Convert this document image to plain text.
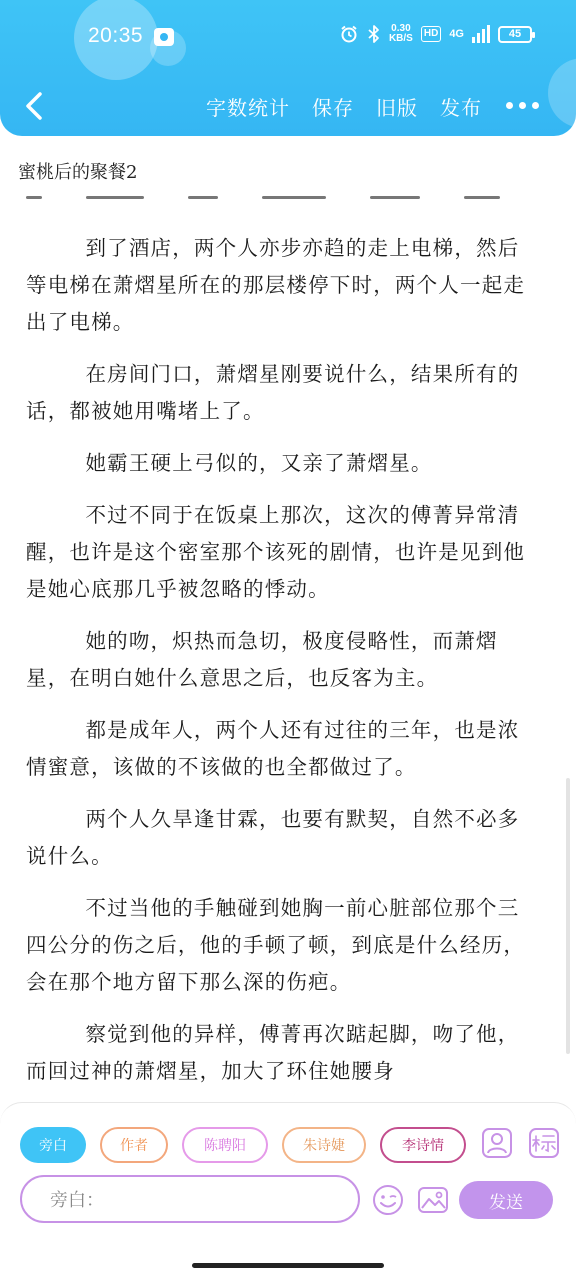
20:35	0.30
KB/S	HD 4G	45
字数统计 保存 旧版 发布
蜜桃后的聚餐2

到了酒店，两个人亦步亦趋的走上电梯，然后等电梯在萧熠星所在的那层楼停下时，两个人一起走出了电梯。

在房间门口，萧熠星刚要说什么，结果所有的话，都被她用嘴堵上了。

她霸王硬上弓似的，又亲了萧熠星。

不过不同于在饭桌上那次，这次的傅菁异常清醒，也许是这个密室那个该死的剧情，也许是见到他是她心底那几乎被忽略的悸动。

她的吻，炽热而急切，极度侵略性，而萧熠星，在明白她什么意思之后，也反客为主。

都是成年人，两个人还有过往的三年，也是浓情蜜意，该做的不该做的也全都做过了。

两个人久旱逢甘霖，也要有默契，自然不必多说什么。

不过当他的手触碰到她胸一前心脏部位那个三四公分的伤之后，他的手顿了顿，到底是什么经历，会在那个地方留下那么深的伤疤。

察觉到他的异样，傅菁再次踮起脚，吻了他，而回过神的萧熠星，加大了环住她腰身

旁白	作者	陈聘阳	朱诗婕	李诗情
旁白：	发送
